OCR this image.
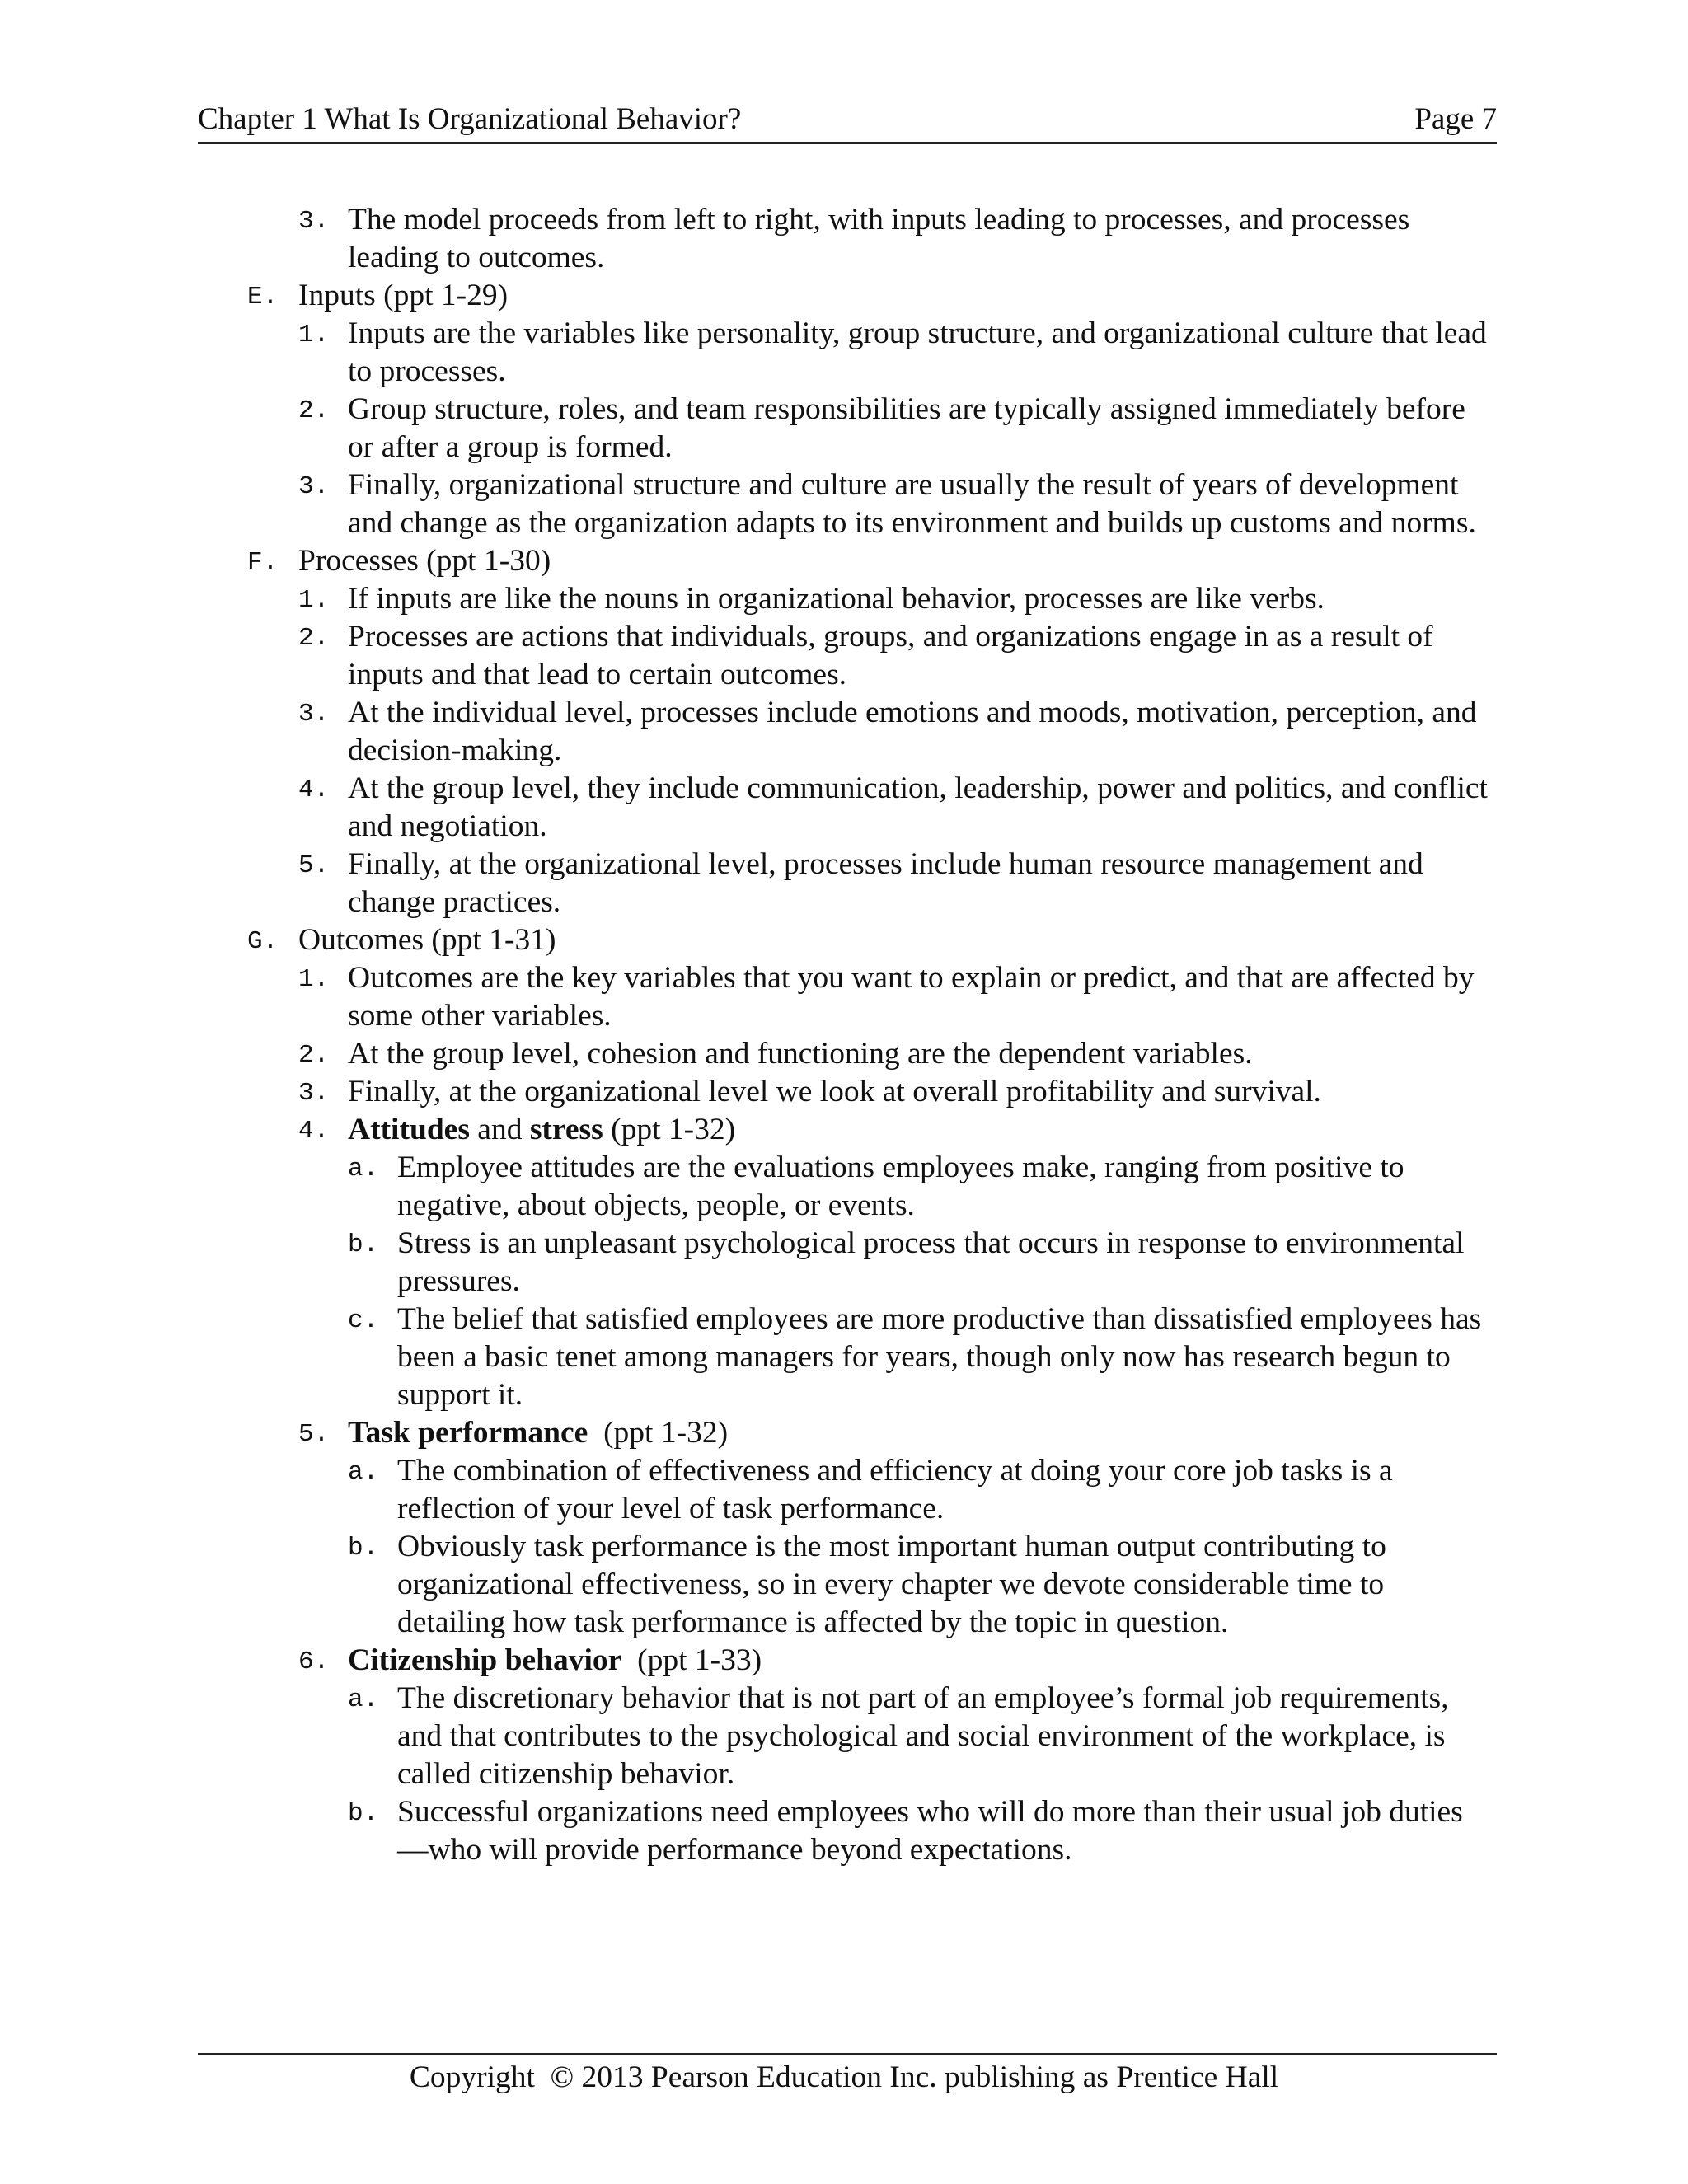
Chapter 1 What Is Organizational Behavior?	Page 7

3. The model proceeds from left to right, with inputs leading to processes, and processes leading to outcomes.

E. Inputs (ppt 1-29)

1. Inputs are the variables like personality, group structure, and organizational culture that lead to processes.

2. Group structure, roles, and team responsibilities are typically assigned immediately before or after a group is formed.

3. Finally, organizational structure and culture are usually the result of years of development and change as the organization adapts to its environment and builds up customs and norms.

F. Processes (ppt 1-30)

1. If inputs are like the nouns in organizational behavior, processes are like verbs.

2. Processes are actions that individuals, groups, and organizations engage in as a result of inputs and that lead to certain outcomes.

3. At the individual level, processes include emotions and moods, motivation, perception, and decision-making.

4. At the group level, they include communication, leadership, power and politics, and conflict and negotiation.

5. Finally, at the organizational level, processes include human resource management and change practices.

G. Outcomes (ppt 1-31)

1. Outcomes are the key variables that you want to explain or predict, and that are affected by some other variables.

2. At the group level, cohesion and functioning are the dependent variables.

3. Finally, at the organizational level we look at overall profitability and survival.

4. Attitudes and stress (ppt 1-32)

a. Employee attitudes are the evaluations employees make, ranging from positive to negative, about objects, people, or events.

b. Stress is an unpleasant psychological process that occurs in response to environmental pressures.

c. The belief that satisfied employees are more productive than dissatisfied employees has been a basic tenet among managers for years, though only now has research begun to support it.

5. Task performance  (ppt 1-32)

a. The combination of effectiveness and efficiency at doing your core job tasks is a reflection of your level of task performance.

b. Obviously task performance is the most important human output contributing to organizational effectiveness, so in every chapter we devote considerable time to detailing how task performance is affected by the topic in question.

6. Citizenship behavior  (ppt 1-33)

a. The discretionary behavior that is not part of an employee’s formal job requirements, and that contributes to the psychological and social environment of the workplace, is called citizenship behavior.

b. Successful organizations need employees who will do more than their usual job duties—who will provide performance beyond expectations.

Copyright  © 2013 Pearson Education Inc. publishing as Prentice Hall
